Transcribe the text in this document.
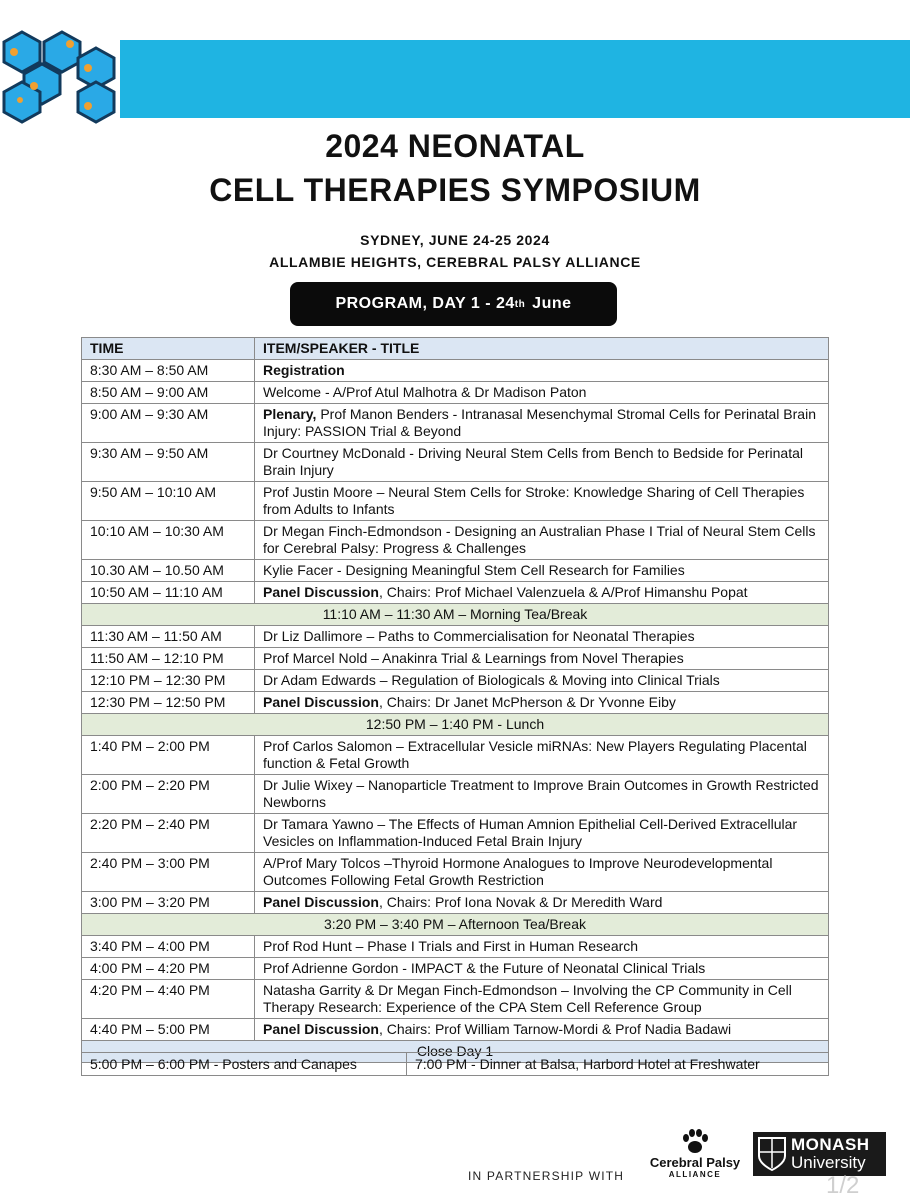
2024 NEONATAL
CELL THERAPIES SYMPOSIUM
SYDNEY, JUNE 24-25 2024
ALLAMBIE HEIGHTS, CEREBRAL PALSY ALLIANCE
PROGRAM, DAY 1 - 24 th June
TIME	ITEM/SPEAKER - TITLE
8:30 AM – 8:50 AM	Registration
8:50 AM – 9:00 AM	Welcome - A/Prof Atul Malhotra & Dr Madison Paton
9:00 AM – 9:30 AM	Plenary, Prof Manon Benders - Intranasal Mesenchymal Stromal Cells for Perinatal Brain Injury: PASSION Trial & Beyond
9:30 AM – 9:50 AM	Dr Courtney McDonald - Driving Neural Stem Cells from Bench to Bedside for Perinatal Brain Injury
9:50 AM – 10:10 AM	Prof Justin Moore – Neural Stem Cells for Stroke: Knowledge Sharing of Cell Therapies from Adults to Infants
10:10 AM – 10:30 AM	Dr Megan Finch-Edmondson - Designing an Australian Phase I Trial of Neural Stem Cells for Cerebral Palsy: Progress & Challenges
10.30 AM – 10.50 AM	Kylie Facer - Designing Meaningful Stem Cell Research for Families
10:50 AM – 11:10 AM	Panel Discussion, Chairs: Prof Michael Valenzuela & A/Prof Himanshu Popat
11:10 AM – 11:30 AM – Morning Tea/Break	
11:30 AM – 11:50 AM	Dr Liz Dallimore – Paths to Commercialisation for Neonatal Therapies
11:50 AM – 12:10 PM	Prof Marcel Nold – Anakinra Trial & Learnings from Novel Therapies
12:10 PM – 12:30 PM	Dr Adam Edwards – Regulation of Biologicals & Moving into Clinical Trials
12:30 PM – 12:50 PM	Panel Discussion, Chairs: Dr Janet McPherson & Dr Yvonne Eiby
12:50 PM – 1:40 PM - Lunch	
1:40 PM – 2:00 PM	Prof Carlos Salomon – Extracellular Vesicle miRNAs: New Players Regulating Placental function & Fetal Growth
2:00 PM – 2:20 PM	Dr Julie Wixey – Nanoparticle Treatment to Improve Brain Outcomes in Growth Restricted Newborns
2:20 PM – 2:40 PM	Dr Tamara Yawno – The Effects of Human Amnion Epithelial Cell-Derived Extracellular Vesicles on Inflammation-Induced Fetal Brain Injury
2:40 PM – 3:00 PM	A/Prof Mary Tolcos –Thyroid Hormone Analogues to Improve Neurodevelopmental Outcomes Following Fetal Growth Restriction
3:00 PM – 3:20 PM	Panel Discussion, Chairs: Prof Iona Novak & Dr Meredith Ward
3:20 PM – 3:40 PM – Afternoon Tea/Break	
3:40 PM – 4:00 PM	Prof Rod Hunt – Phase I Trials and First in Human Research
4:00 PM – 4:20 PM	Prof Adrienne Gordon - IMPACT & the Future of Neonatal Clinical Trials
4:20 PM – 4:40 PM	Natasha Garrity & Dr Megan Finch-Edmondson – Involving the CP Community in Cell Therapy Research: Experience of the CPA Stem Cell Reference Group
4:40 PM – 5:00 PM	Panel Discussion, Chairs: Prof William Tarnow-Mordi & Prof Nadia Badawi
Close Day 1	
5:00 PM – 6:00 PM - Posters and Canapes	7:00 PM - Dinner at Balsa, Harbord Hotel at Freshwater
IN PARTNERSHIP WITH
Cerebral Palsy
ALLIANCE
MONASH
University
1/2
